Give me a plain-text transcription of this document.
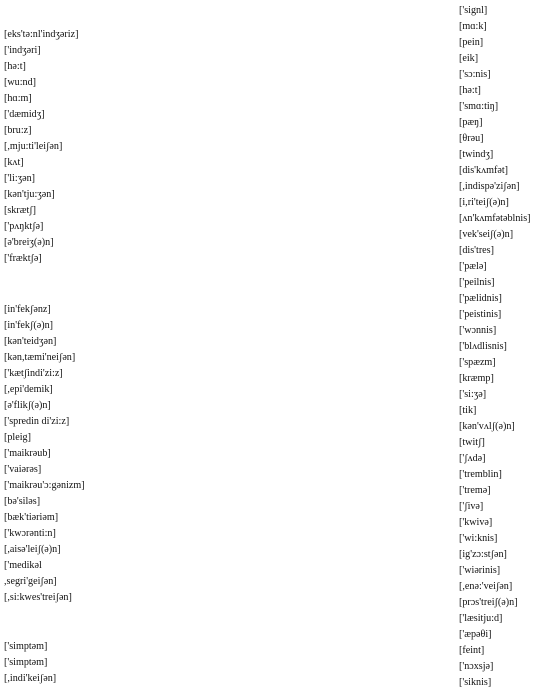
[eks'tə:nl'indʒəriz]
['indʒəri]
[hə:t]
[wu:nd]
[hɑ:m]
['dæmidʒ]
[bru:z]
[,mju:ti'leiʃən]
[kʌt]
['li:ʒən]
[kən'tju:ʒən]
[skrætʃ]
['pʌŋktʃə]
[ə'breiʒ(ə)n]
['fræktʃə]
[in'fekʃənz]
[in'fekʃ(ə)n]
[kən'teidʒən]
[kən,tæmi'neiʃən]
['kætʃindi'zi:z]
[,epi'demik]
[ə'flikʃ(ə)n]
['spredin di'zi:z]
[pleig]
['maikrəub]
['vaiərəs]
['maikrəu'ɔ:gənizm]
[bə'siləs]
[bæk'tiəriəm]
['kwɔrənti:n]
[,aisə'leiʃ(ə)n]
['medikəl
,segri'geiʃən]
[,si:kwes'treiʃən]
['simptəm]
['simptəm]
[,indi'keiʃən]
['signl]
[mɑ:k]
[pein]
[eik]
['sɔ:nis]
[hə:t]
['smɑ:tiŋ]
[pæŋ]
[θrəu]
[twindʒ]
[dis'kʌmfət]
[,indispə'ziʃən]
[i,ri'teiʃ(ə)n]
[ʌn'kʌmfətəblnis]
[vek'seiʃ(ə)n]
[dis'tres]
['pælə]
['peilnis]
['pælidnis]
['peistinis]
['wɔnnis]
['blʌdlisnis]
['spæzm]
[kræmp]
['si:ʒə]
[tik]
[kən'vʌlʃ(ə)n]
[twitʃ]
['ʃʌdə]
['tremblin]
['tremə]
['ʃivə]
['kwivə]
['wi:knis]
[ig'zɔ:stʃən]
['wiərinis]
[,enə:'veiʃən]
[prɔs'treiʃ(ə)n]
['læsitju:d]
['æpəθi]
[feint]
['nɔxsjə]
['siknis]
